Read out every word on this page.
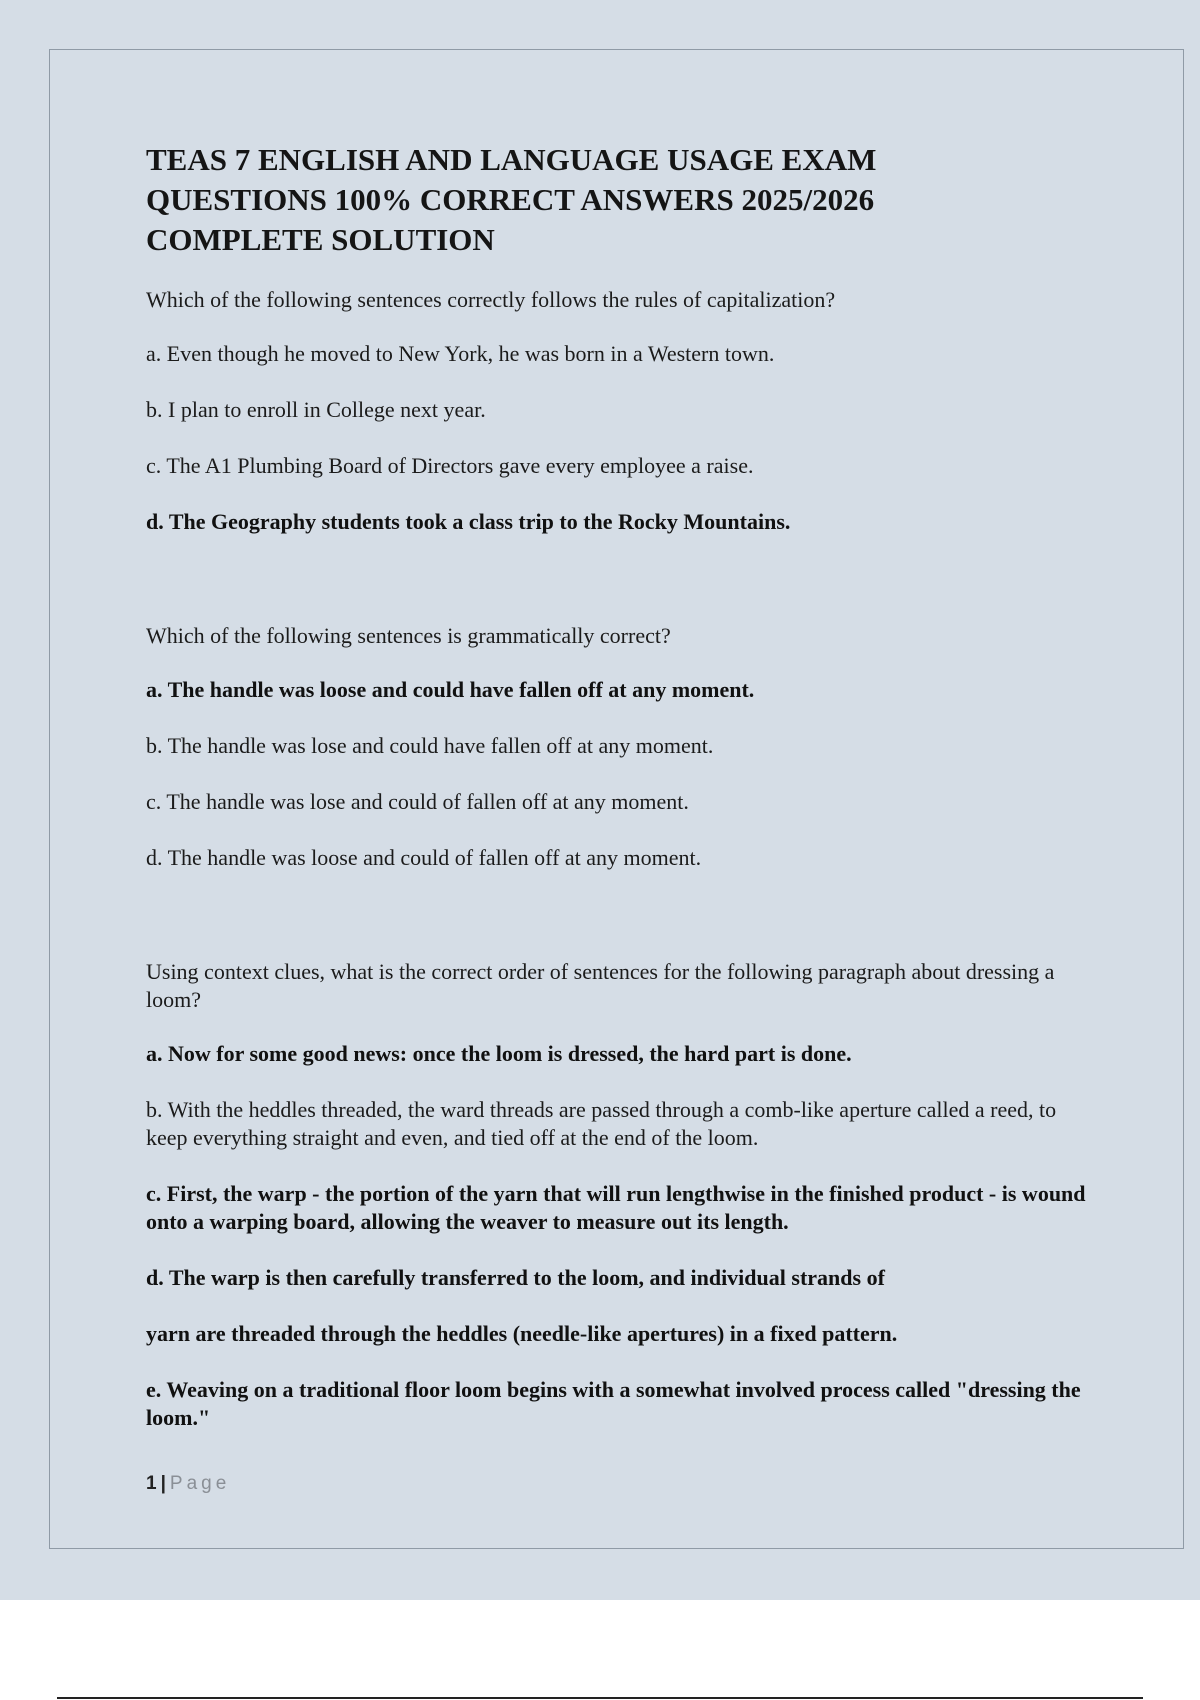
TEAS 7 ENGLISH AND LANGUAGE USAGE EXAM QUESTIONS 100% CORRECT ANSWERS 2025/2026 COMPLETE SOLUTION

Which of the following sentences correctly follows the rules of capitalization?

a. Even though he moved to New York, he was born in a Western town.

b. I plan to enroll in College next year.

c. The A1 Plumbing Board of Directors gave every employee a raise.

d. The Geography students took a class trip to the Rocky Mountains.

Which of the following sentences is grammatically correct?

a. The handle was loose and could have fallen off at any moment.

b. The handle was lose and could have fallen off at any moment.

c. The handle was lose and could of fallen off at any moment.

d. The handle was loose and could of fallen off at any moment.

Using context clues, what is the correct order of sentences for the following paragraph about dressing a loom?

a. Now for some good news: once the loom is dressed, the hard part is done.

b. With the heddles threaded, the ward threads are passed through a comb-like aperture called a reed, to keep everything straight and even, and tied off at the end of the loom.

c. First, the warp - the portion of the yarn that will run lengthwise in the finished product - is wound onto a warping board, allowing the weaver to measure out its length.

d. The warp is then carefully transferred to the loom, and individual strands of

yarn are threaded through the heddles (needle-like apertures) in a fixed pattern.

e. Weaving on a traditional floor loom begins with a somewhat involved process called "dressing the loom."

1 | Page
